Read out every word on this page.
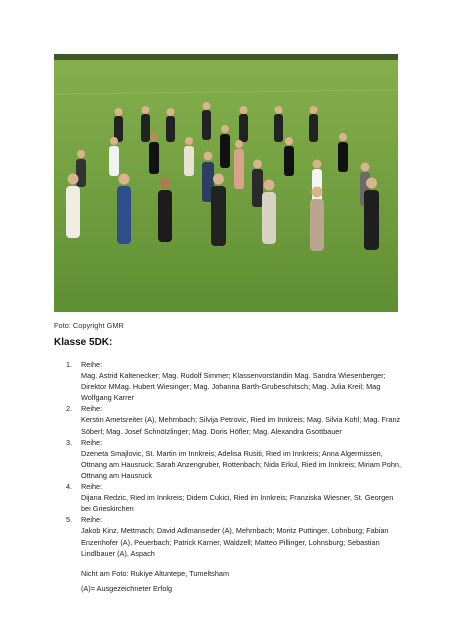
Foto: Copyright GMR
Klasse 5DK:
1. Reihe:
Mag. Astrid Kaltenecker; Mag. Rudolf Simmer; Klassenvorständin Mag. Sandra Wiesenberger; Direktor MMag. Hubert Wiesinger; Mag. Johanna Barth-Grubeschitsch; Mag. Julia Kreil; Mag Wolfgang Karrer
2. Reihe:
Kerstin Ametsreiter (A), Mehrnbach; Silvija Petrovic, Ried im Innkreis; Mag. Silvia Kohl; Mag. Franz Söberl; Mag. Josef Schnötzlinger; Mag. Doris Höfler; Mag. Alexandra Gsottbauer
3. Reihe:
Dzeneta Smajlovic, St. Martin im Innkreis; Adelisa Rusiti, Ried im Innkreis; Anna Algermissen, Ottnang am Hausruck; Sarah Anzengruber, Rottenbach; Nida Erkul, Ried im Innkreis; Miriam Pohn, Ottnang am Hausruck
4. Reihe:
Dijana Redzic, Ried im Innkreis; Didem Cukici, Ried im Innkreis; Franziska Wiesner, St. Georgen bei Grieskirchen
5. Reihe:
Jakob Kinz, Mettmach; David Adlmanseder (A), Mehrnbach; Moritz Puttinger, Lohnburg; Fabian Enzenhofer (A), Peuerbach; Patrick Karner, Waldzell; Matteo Pillinger, Lohnsburg; Sebastian Lindlbauer (A), Aspach
Nicht am Foto: Rukiye Altuntepe, Tumeltsham
(A)= Ausgezeichneter Erfolg
